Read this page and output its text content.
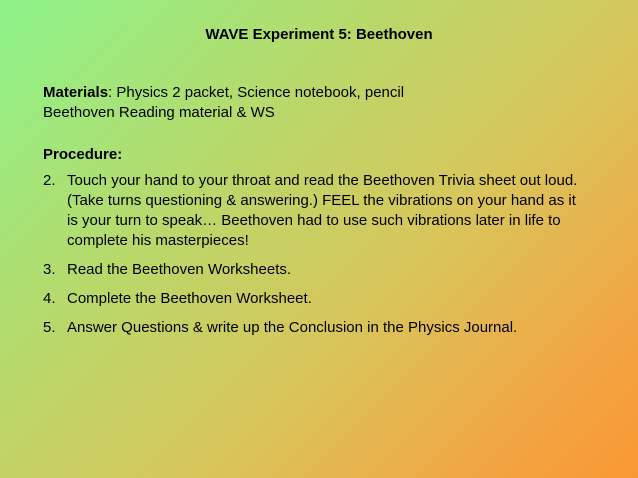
WAVE Experiment 5: Beethoven
Materials: Physics 2 packet, Science notebook, pencil
Beethoven Reading material & WS
Procedure:
2. Touch your hand to your throat and read the Beethoven Trivia sheet out loud. (Take turns questioning & answering.) FEEL the vibrations on your hand as it is your turn to speak… Beethoven had to use such vibrations later in life to complete his masterpieces!
3. Read the Beethoven Worksheets.
4. Complete the Beethoven Worksheet.
5. Answer Questions & write up the Conclusion in the Physics Journal.
